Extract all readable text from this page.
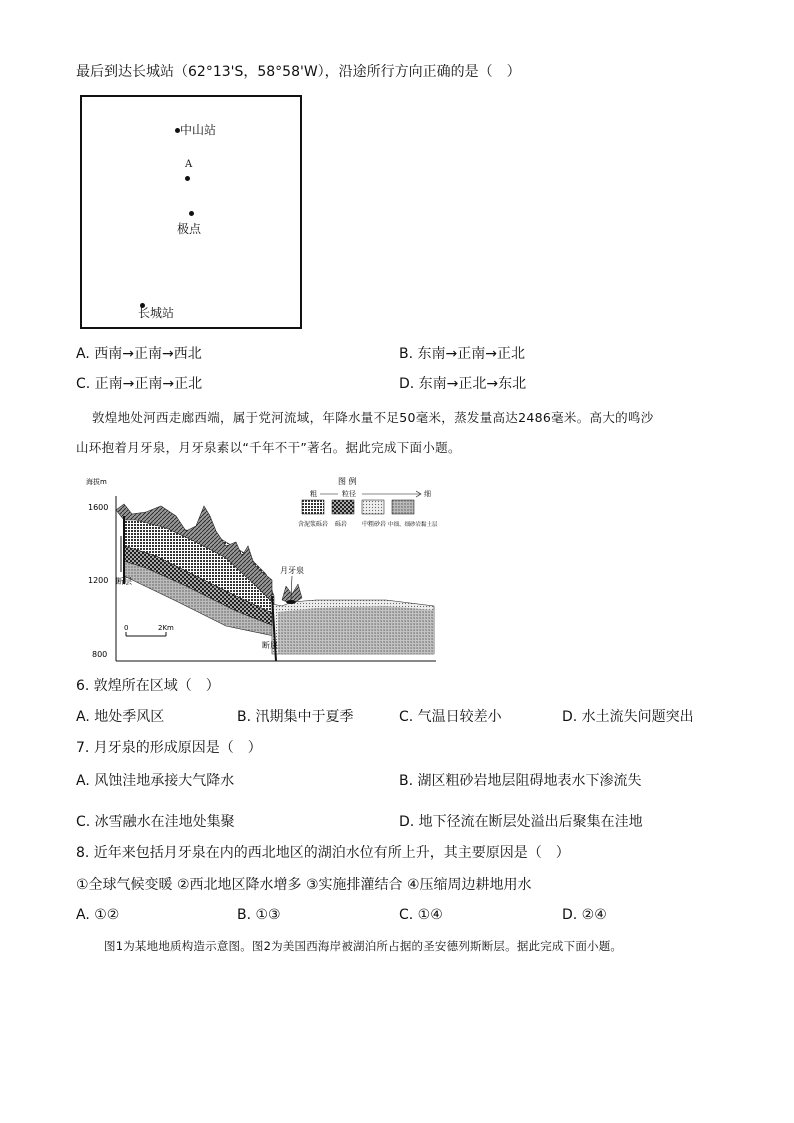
最后到达长城站（62°13'S，58°58'W），沿途所行方向正确的是（　）
中山站
A
极点
长城站
A. 西南→正南→西北	B. 东南→正南→正北
C. 正南→正南→正北	D. 东南→正北→东北
敦煌地处河西走廊西端，属于党河流域，年降水量不足50毫米，蒸发量高达2486毫米。高大的鸣沙
山环抱着月牙泉，月牙泉素以“千年不干”著名。据此完成下面小题。
海拔m
1600
1200
800
断层
断层
月牙泉
0	2Km
图 例
粗	粒径	细
含泥浆砾岩 砾岩 中粗砂岩 中细、细砂岩黏土层
6. 敦煌所在区域（　）
A. 地处季风区	B. 汛期集中于夏季	C. 气温日较差小	D. 水土流失问题突出
7. 月牙泉的形成原因是（　）
A. 风蚀洼地承接大气降水	B. 湖区粗砂岩地层阻碍地表水下渗流失
C. 冰雪融水在洼地处集聚	D. 地下径流在断层处溢出后聚集在洼地
8. 近年来包括月牙泉在内的西北地区的湖泊水位有所上升，其主要原因是（　）
①全球气候变暖 ②西北地区降水增多 ③实施排灌结合 ④压缩周边耕地用水
A. ①②	B. ①③	C. ①④	D. ②④
图1为某地地质构造示意图。图2为美国西海岸被湖泊所占据的圣安德列斯断层。据此完成下面小题。
